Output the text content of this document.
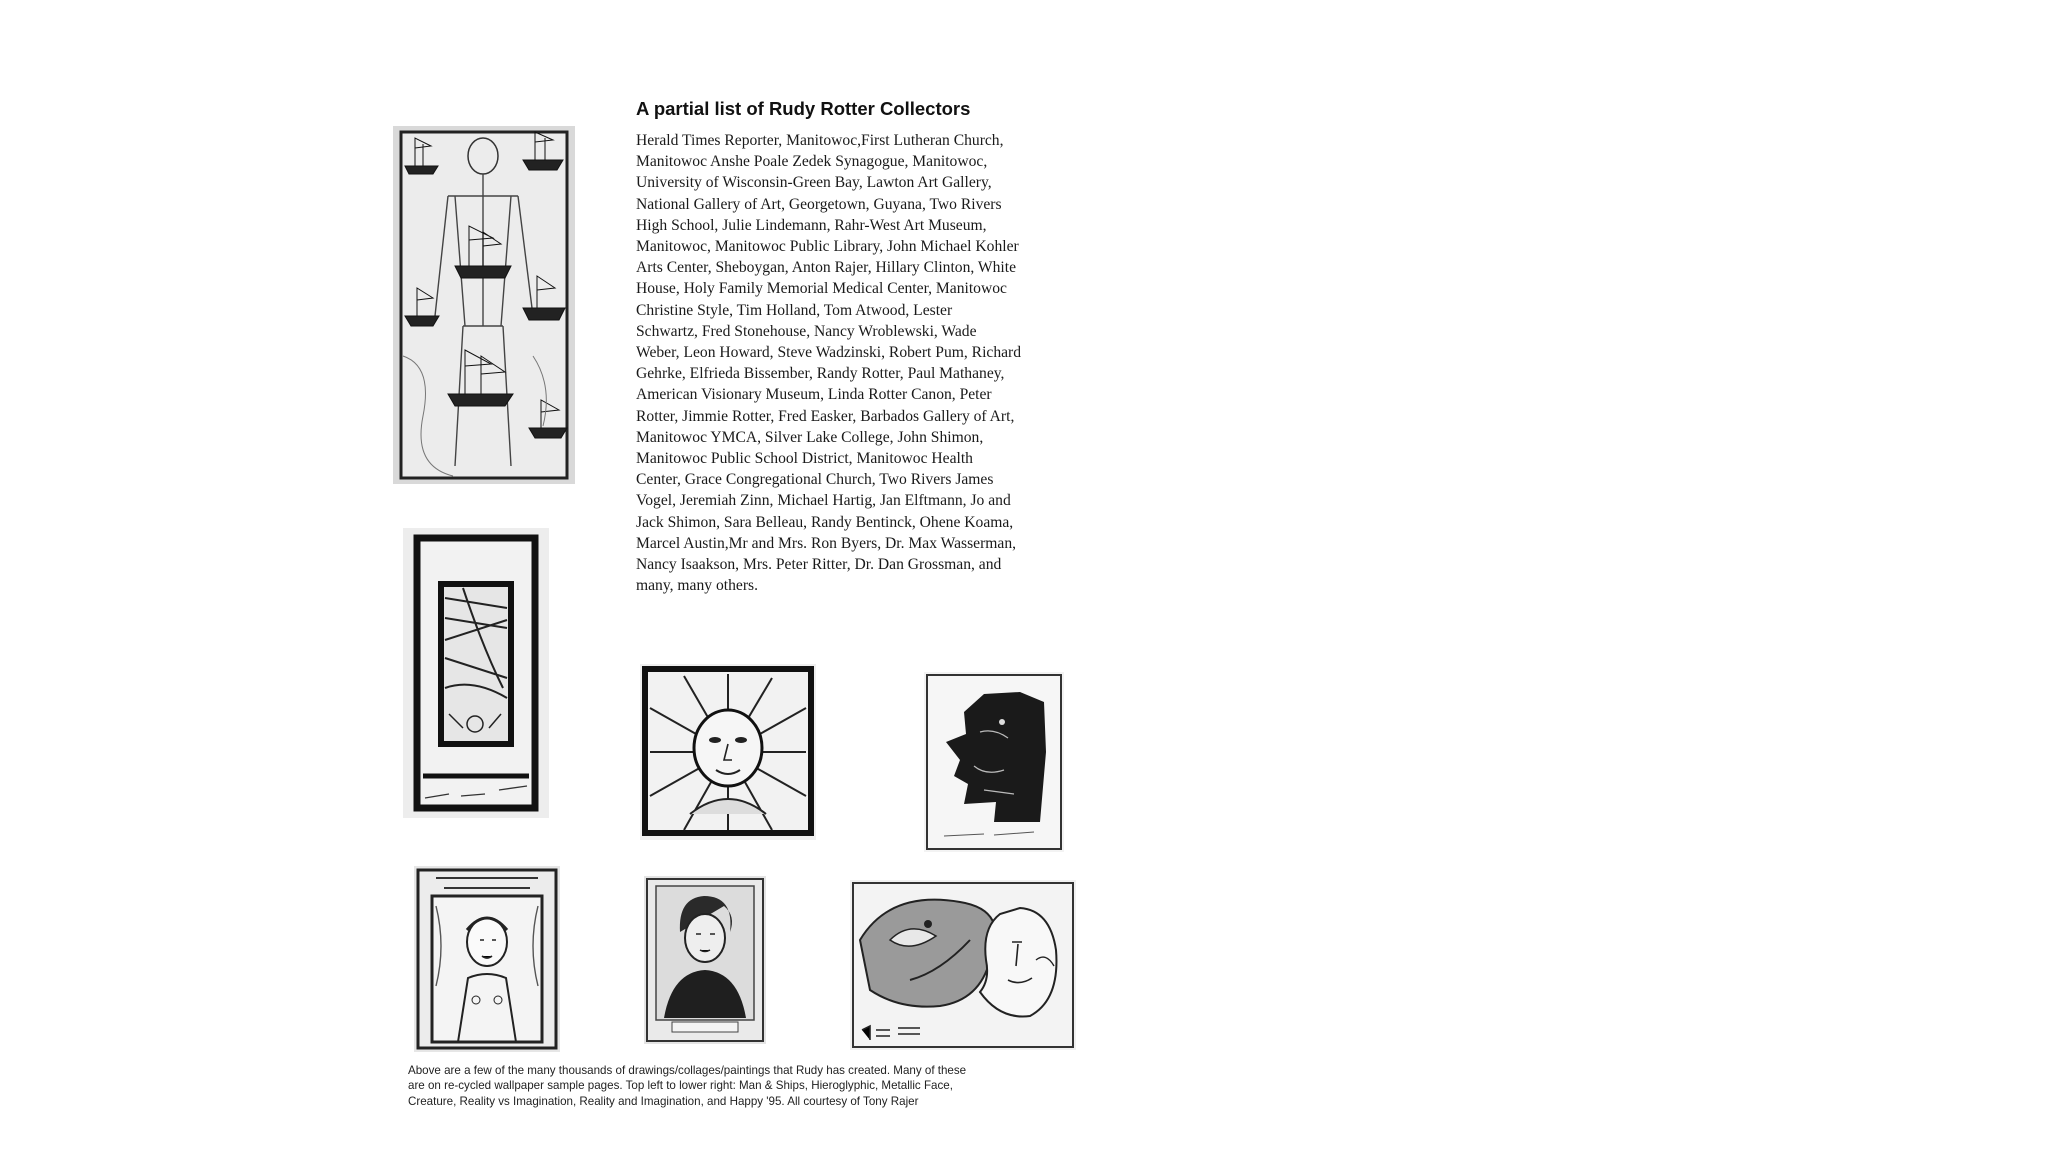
A partial list of Rudy Rotter Collectors
Herald Times Reporter, Manitowoc,First Lutheran Church,
Manitowoc Anshe Poale Zedek Synagogue, Manitowoc,
University of Wisconsin-Green Bay, Lawton Art Gallery,
National Gallery of Art, Georgetown, Guyana, Two Rivers
High School, Julie Lindemann, Rahr-West Art Museum,
Manitowoc, Manitowoc Public Library, John Michael Kohler
Arts Center, Sheboygan, Anton Rajer, Hillary Clinton, White
House, Holy Family Memorial Medical Center, Manitowoc
Christine Style, Tim Holland, Tom Atwood, Lester
Schwartz, Fred Stonehouse, Nancy Wroblewski, Wade
Weber, Leon Howard, Steve Wadzinski, Robert Pum, Richard
Gehrke, Elfrieda Bissember, Randy Rotter, Paul Mathaney,
American Visionary Museum, Linda Rotter Canon, Peter
Rotter, Jimmie Rotter, Fred Easker, Barbados Gallery of Art,
Manitowoc YMCA, Silver Lake College, John Shimon,
Manitowoc Public School District, Manitowoc Health
Center, Grace Congregational Church, Two Rivers James
Vogel, Jeremiah Zinn, Michael Hartig, Jan Elftmann, Jo and
Jack Shimon, Sara Belleau, Randy Bentinck, Ohene Koama,
Marcel Austin,Mr and Mrs. Ron Byers, Dr. Max Wasserman,
Nancy Isaakson, Mrs. Peter Ritter, Dr. Dan Grossman, and
many, many others.
Above are a few of the many thousands of drawings/collages/paintings that Rudy has created. Many of these
are on re-cycled wallpaper sample pages. Top left to lower right: Man & Ships, Hieroglyphic, Metallic Face,
Creature, Reality vs Imagination, Reality and Imagination, and Happy '95. All courtesy of Tony Rajer
